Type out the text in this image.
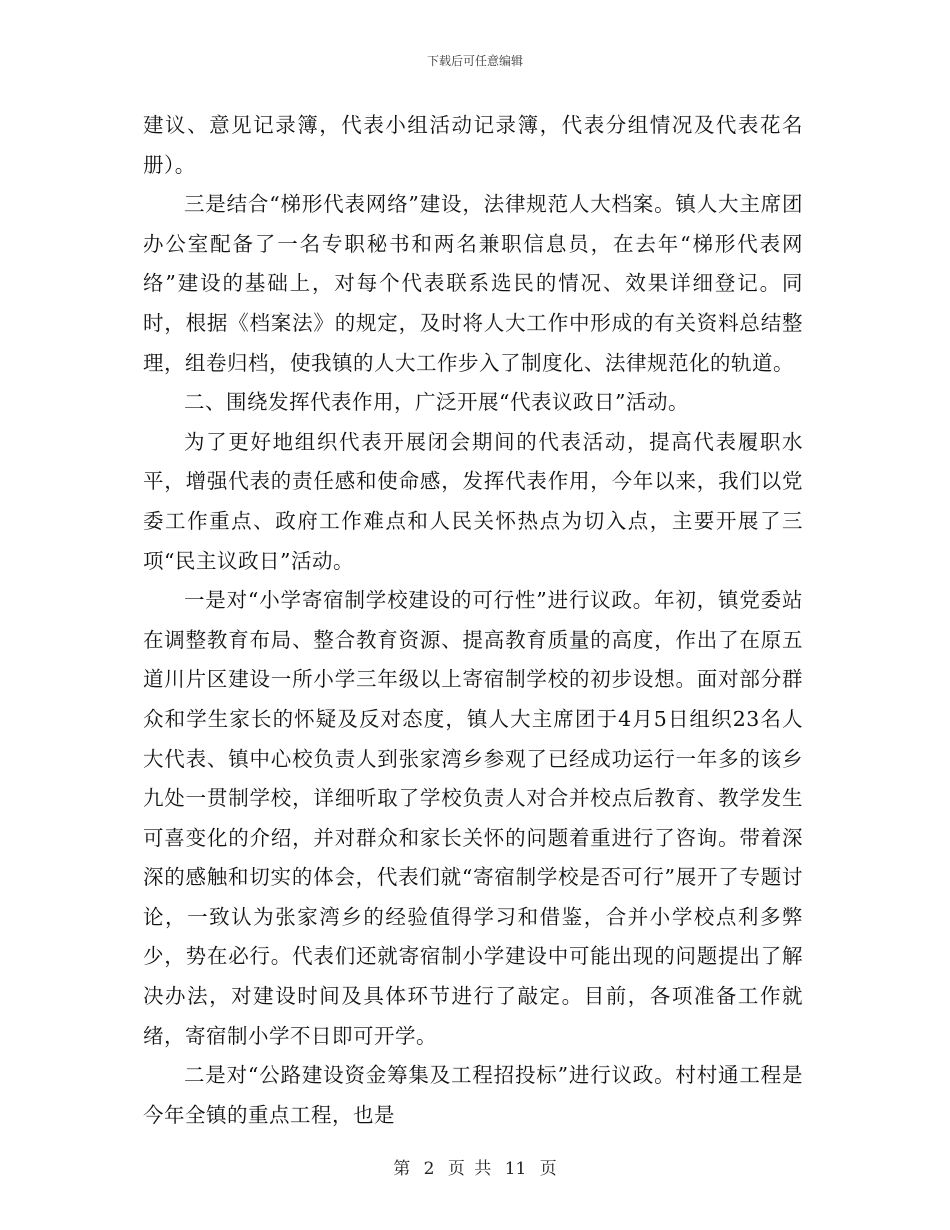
下载后可任意编辑

建议、意见记录簿，代表小组活动记录簿，代表分组情况及代表花名册）。

三是结合“梯形代表网络”建设，法律规范人大档案。镇人大主席团办公室配备了一名专职秘书和两名兼职信息员，在去年“梯形代表网络”建设的基础上，对每个代表联系选民的情况、效果详细登记。同时，根据《档案法》的规定，及时将人大工作中形成的有关资料总结整理，组卷归档，使我镇的人大工作步入了制度化、法律规范化的轨道。

二、围绕发挥代表作用，广泛开展“代表议政日”活动。

为了更好地组织代表开展闭会期间的代表活动，提高代表履职水平，增强代表的责任感和使命感，发挥代表作用，今年以来，我们以党委工作重点、政府工作难点和人民关怀热点为切入点，主要开展了三项“民主议政日”活动。

一是对“小学寄宿制学校建设的可行性”进行议政。年初，镇党委站在调整教育布局、整合教育资源、提高教育质量的高度，作出了在原五道川片区建设一所小学三年级以上寄宿制学校的初步设想。面对部分群众和学生家长的怀疑及反对态度，镇人大主席团于4月5日组织23名人大代表、镇中心校负责人到张家湾乡参观了已经成功运行一年多的该乡九处一贯制学校，详细听取了学校负责人对合并校点后教育、教学发生可喜变化的介绍，并对群众和家长关怀的问题着重进行了咨询。带着深深的感触和切实的体会，代表们就“寄宿制学校是否可行”展开了专题讨论，一致认为张家湾乡的经验值得学习和借鉴，合并小学校点利多弊少，势在必行。代表们还就寄宿制小学建设中可能出现的问题提出了解决办法，对建设时间及具体环节进行了敲定。目前，各项准备工作就绪，寄宿制小学不日即可开学。

二是对“公路建设资金筹集及工程招投标”进行议政。村村通工程是今年全镇的重点工程，也是

第 2 页 共 11 页
